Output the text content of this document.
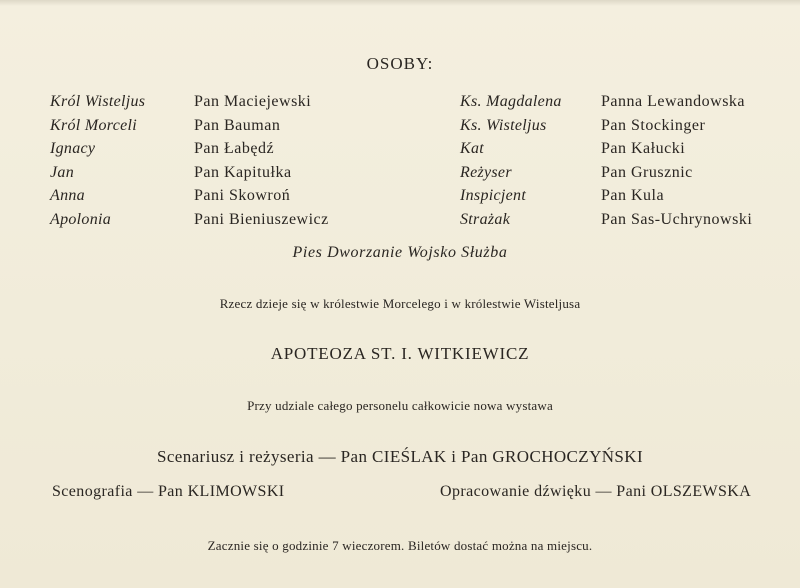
OSOBY:
Król Wisteljus
Król Morceli
Ignacy
Jan
Anna
Apolonia
Pan Maciejewski
Pan Bauman
Pan Łabędź
Pan Kapitułka
Pani Skowroń
Pani Bieniuszewicz
Ks. Magdalena
Ks. Wisteljus
Kat
Reżyser
Inspicjent
Strażak
Panna Lewandowska
Pan Stockinger
Pan Kałucki
Pan Grusznic
Pan Kula
Pan Sas-Uchrynowski
Pies Dworzanie Wojsko Służba
Rzecz dzieje się w królestwie Morcelego i w królestwie Wisteljusa
APOTEOZA ST. I. WITKIEWICZ
Przy udziale całego personelu całkowicie nowa wystawa
Scenariusz i reżyseria — Pan CIEŚLAK i Pan GROCHOCZYŃSKI
Scenografia — Pan KLIMOWSKI	Opracowanie dźwięku — Pani OLSZEWSKA
Zacznie się o godzinie 7 wieczorem. Biletów dostać można na miejscu.
